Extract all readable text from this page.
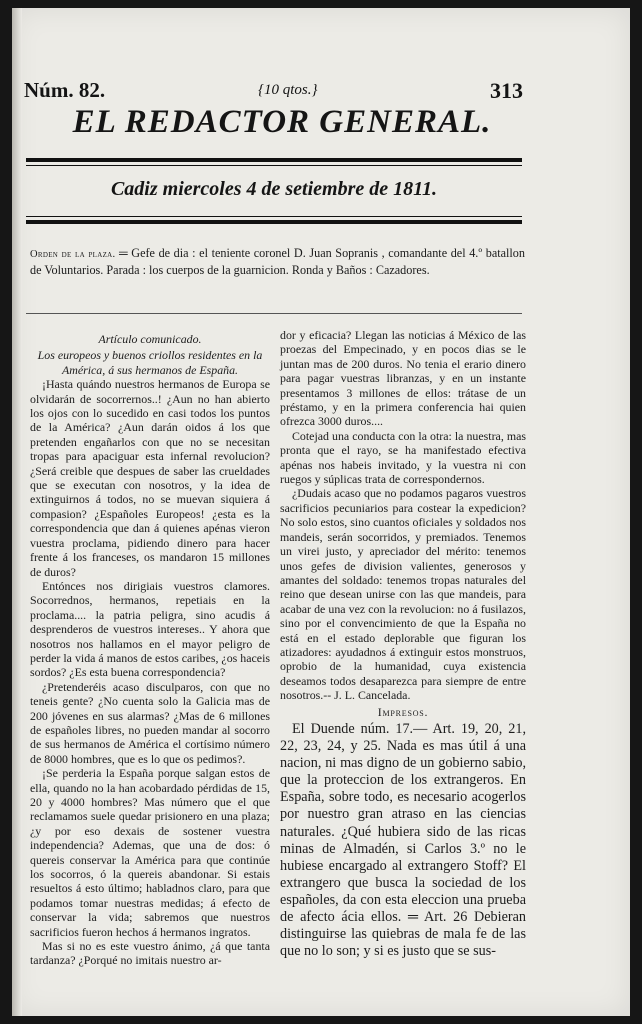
Núm. 82.	{10 qtos.}	313
EL REDACTOR GENERAL.
Cadiz miercoles 4 de setiembre de 1811.
Orden de la plaza. ═ Gefe de dia : el teniente coronel D. Juan Sopranis , comandante del 4.º batallon de Voluntarios. Parada : los cuerpos de la guarnicion. Ronda y Baños : Cazadores.

Artículo comunicado.

Los europeos y buenos criollos residentes en la América, á sus hermanos de España.

¡Hasta quándo nuestros hermanos de Europa se olvidarán de socorrernos..! ¿Aun no han abierto los ojos con lo sucedido en casi todos los puntos de la América? ¿Aun darán oidos á los que pretenden engañarlos con que no se necesitan tropas para apaciguar esta infernal revolucion? ¿Será creible que despues de saber las crueldades que se executan con nosotros, y la idea de extinguirnos á todos, no se muevan siquiera á compasion? ¿Españoles Europeos! ¿esta es la correspondencia que dan á quienes apénas vieron vuestra proclama, pidiendo dinero para hacer frente á los franceses, os mandaron 15 millones de duros?

Entónces nos dirigiais vuestros clamores. Socorrednos, hermanos, repetiais en la proclama.... la patria peligra, sino acudis á desprenderos de vuestros intereses.. Y ahora que nosotros nos hallamos en el mayor peligro de perder la vida á manos de estos caribes, ¿os haceis sordos? ¿Es esta buena correspondencia?

¿Pretenderéis acaso disculparos, con que no teneis gente? ¿No cuenta solo la Galicia mas de 200 jóvenes en sus alarmas? ¿Mas de 6 millones de españoles libres, no pueden mandar al socorro de sus hermanos de América el cortísimo número de 8000 hombres, que es lo que os pedimos?.

¡Se perderia la España porque salgan estos de ella, quando no la han acobardado pérdidas de 15, 20 y 4000 hombres? Mas número que el que reclamamos suele quedar prisionero en una plaza; ¿y por eso dexais de sostener vuestra independencia? Ademas, que una de dos: ó quereis conservar la América para que continúe los socorros, ó la quereis abandonar. Si estais resueltos á esto último; habladnos claro, para que podamos tomar nuestras medidas; á efecto de conservar la vida; sabremos que nuestros sacrificios fueron hechos á hermanos ingratos.

Mas si no es este vuestro ánimo, ¿á que tanta tardanza? ¿Porqué no imitais nuestro ar-

dor y eficacia? Llegan las noticias á México de las proezas del Empecinado, y en pocos dias se le juntan mas de 200 duros. No tenia el erario dinero para pagar vuestras libranzas, y en un instante presentamos 3 millones de ellos: trátase de un préstamo, y en la primera conferencia hai quien ofrezca 3000 duros....

Cotejad una conducta con la otra: la nuestra, mas pronta que el rayo, se ha manifestado efectiva apénas nos habeis invitado, y la vuestra ni con ruegos y súplicas trata de correspondernos.

¿Dudais acaso que no podamos pagaros vuestros sacrificios pecuniarios para costear la expedicion? No solo estos, sino cuantos oficiales y soldados nos mandeis, serán socorridos, y premiados. Tenemos un virei justo, y apreciador del mérito: tenemos unos gefes de division valientes, generosos y amantes del soldado: tenemos tropas naturales del reino que desean unirse con las que mandeis, para acabar de una vez con la revolucion: no á fusilazos, sino por el convencimiento de que la España no está en el estado deplorable que figuran los atizadores: ayudadnos á extinguir estos monstruos, oprobio de la humanidad, cuya existencia deseamos todos desaparezca para siempre de entre nosotros.-- J. L. Cancelada.

Impresos.

El Duende núm. 17.— Art. 19, 20, 21, 22, 23, 24, y 25. Nada es mas útil á una nacion, ni mas digno de un gobierno sabio, que la proteccion de los extrangeros. En España, sobre todo, es necesario acogerlos por nuestro gran atraso en las ciencias naturales. ¿Qué hubiera sido de las ricas minas de Almadén, si Carlos 3.º no le hubiese encargado al extrangero Stoff? El extrangero que busca la sociedad de los españoles, da con esta eleccion una prueba de afecto ácia ellos. ═ Art. 26 Debieran distinguirse las quiebras de mala fe de las que no lo son; y si es justo que se sus-
